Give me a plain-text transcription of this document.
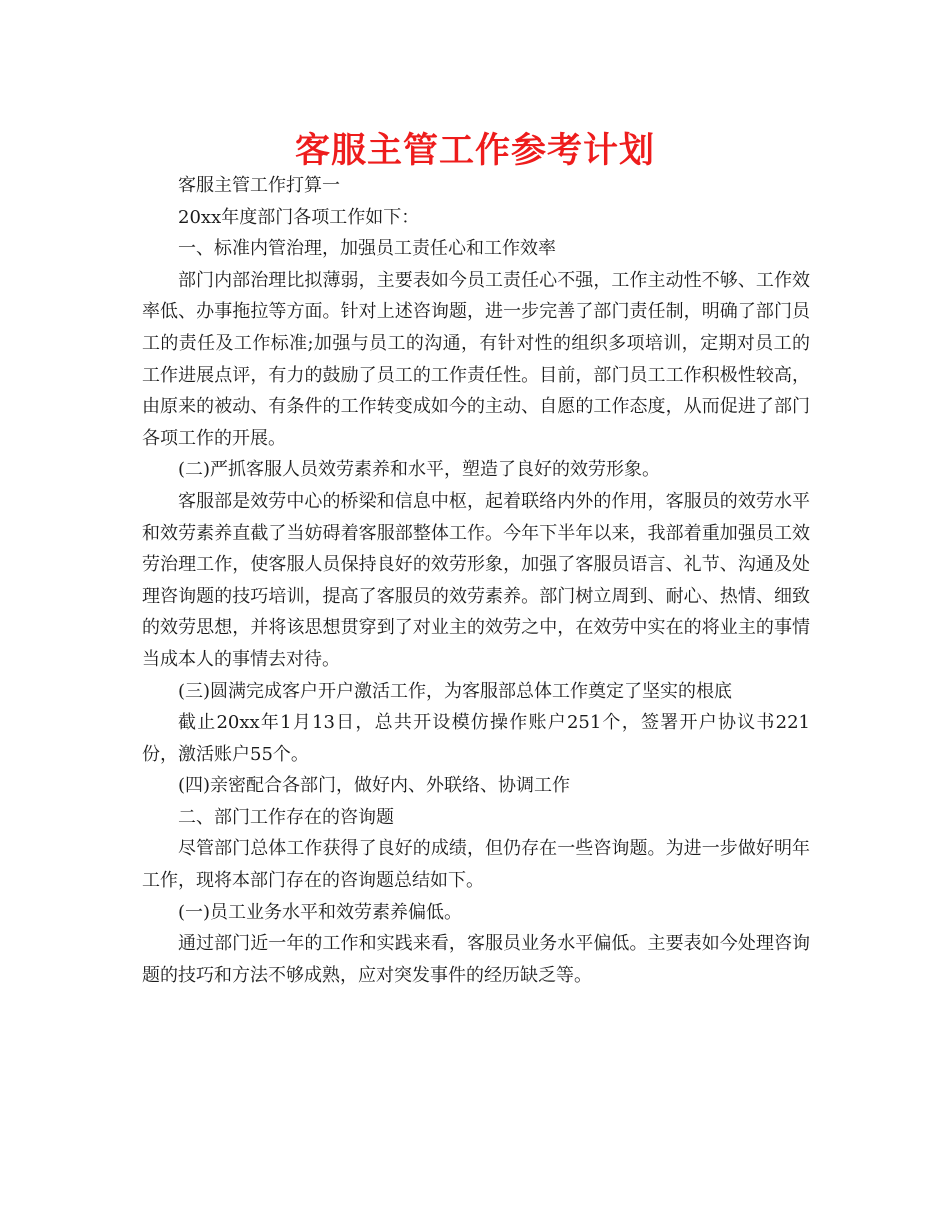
客服主管工作参考计划

客服主管工作打算一

20xx年度部门各项工作如下：

一、标准内管治理，加强员工责任心和工作效率

部门内部治理比拟薄弱，主要表如今员工责任心不强，工作主动性不够、工作效率低、办事拖拉等方面。针对上述咨询题，进一步完善了部门责任制，明确了部门员工的责任及工作标准;加强与员工的沟通，有针对性的组织多项培训，定期对员工的工作进展点评，有力的鼓励了员工的工作责任性。目前，部门员工工作积极性较高，由原来的被动、有条件的工作转变成如今的主动、自愿的工作态度，从而促进了部门各项工作的开展。

(二)严抓客服人员效劳素养和水平，塑造了良好的效劳形象。

客服部是效劳中心的桥梁和信息中枢，起着联络内外的作用，客服员的效劳水平和效劳素养直截了当妨碍着客服部整体工作。今年下半年以来，我部着重加强员工效劳治理工作，使客服人员保持良好的效劳形象，加强了客服员语言、礼节、沟通及处理咨询题的技巧培训，提高了客服员的效劳素养。部门树立周到、耐心、热情、细致的效劳思想，并将该思想贯穿到了对业主的效劳之中，在效劳中实在的将业主的事情当成本人的事情去对待。

(三)圆满完成客户开户激活工作，为客服部总体工作奠定了坚实的根底

截止20xx年1月13日，总共开设模仿操作账户251个，签署开户协议书221份，激活账户55个。

(四)亲密配合各部门，做好内、外联络、协调工作

二、部门工作存在的咨询题

尽管部门总体工作获得了良好的成绩，但仍存在一些咨询题。为进一步做好明年工作，现将本部门存在的咨询题总结如下。

(一)员工业务水平和效劳素养偏低。

通过部门近一年的工作和实践来看，客服员业务水平偏低。主要表如今处理咨询题的技巧和方法不够成熟，应对突发事件的经历缺乏等。
